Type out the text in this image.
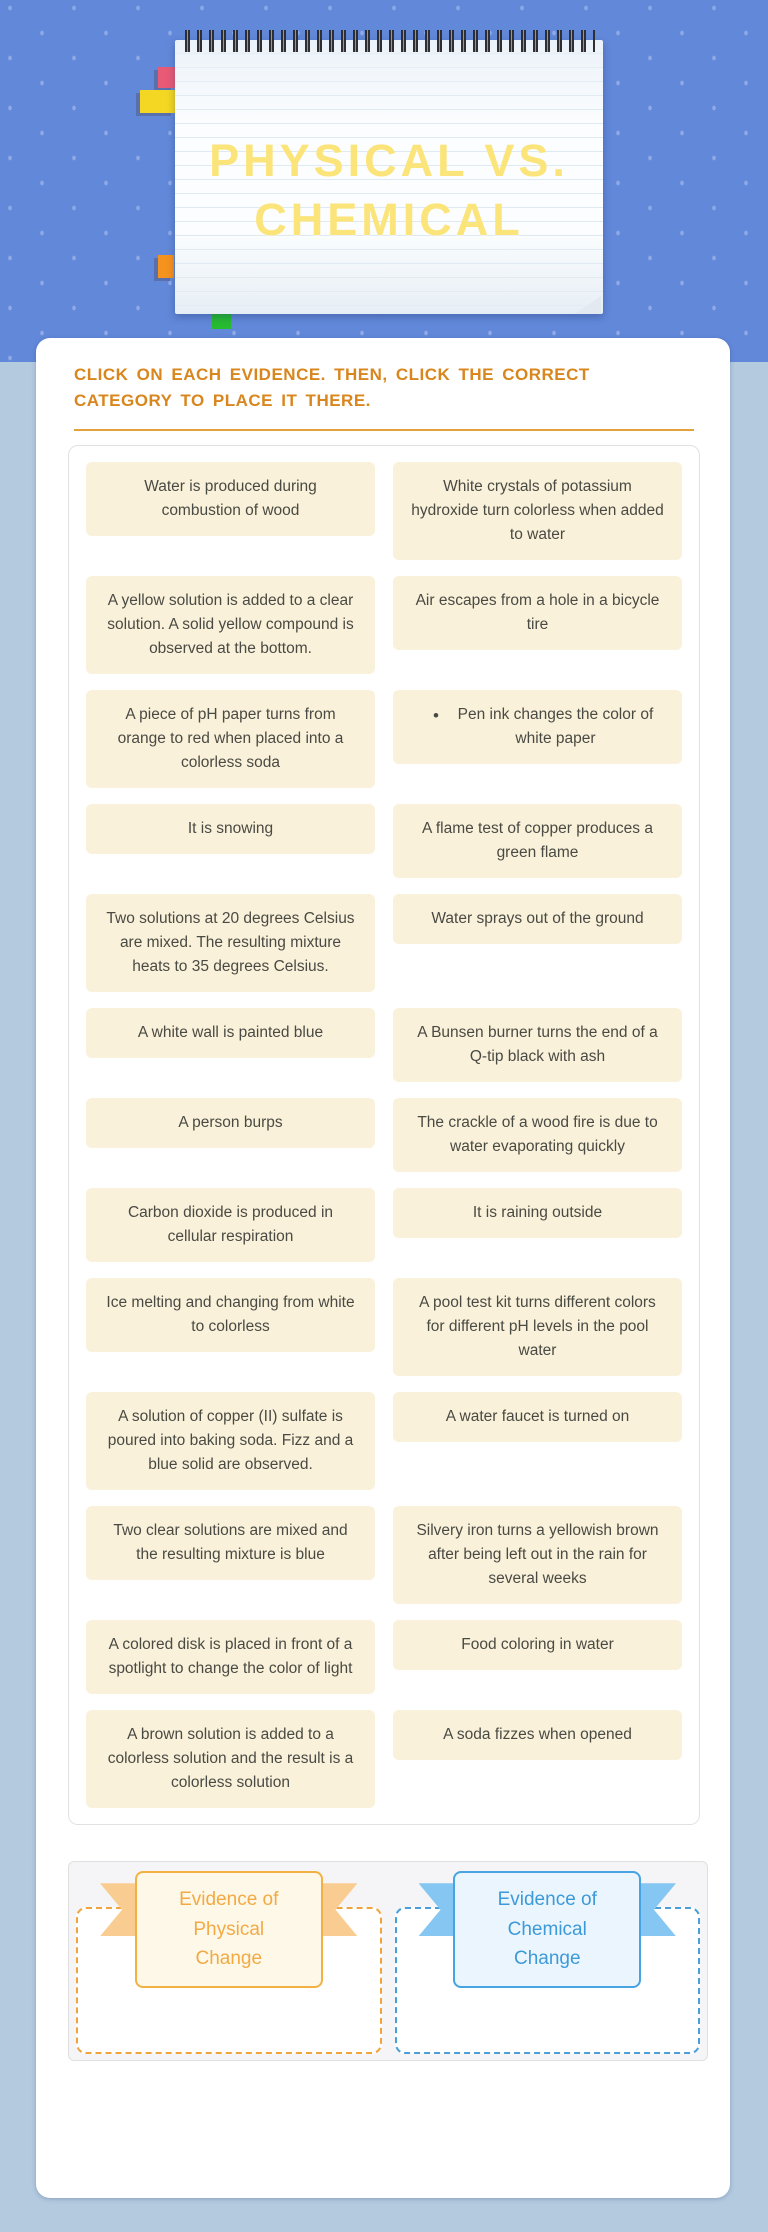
PHYSICAL VS.
CHEMICAL
CLICK ON EACH EVIDENCE. THEN, CLICK THE CORRECT CATEGORY TO PLACE IT THERE.
Water is produced during combustion of wood
White crystals of potassium hydroxide turn colorless when added to water
A yellow solution is added to a clear solution. A solid yellow compound is observed at the bottom.
Air escapes from a hole in a bicycle tire
A piece of pH paper turns from orange to red when placed into a colorless soda
•	Pen ink changes the color of white paper
It is snowing	A flame test of copper produces a green flame
Two solutions at 20 degrees Celsius are mixed. The resulting mixture heats to 35 degrees Celsius.
Water sprays out of the ground
A white wall is painted blue	A Bunsen burner turns the end of a Q-tip black with ash
A person burps	The crackle of a wood fire is due to water evaporating quickly
Carbon dioxide is produced in cellular respiration
It is raining outside
Ice melting and changing from white to colorless
A pool test kit turns different colors for different pH levels in the pool water
A solution of copper (II) sulfate is poured into baking soda. Fizz and a blue solid are observed.
A water faucet is turned on
Two clear solutions are mixed and the resulting mixture is blue
Silvery iron turns a yellowish brown after being left out in the rain for several weeks
A colored disk is placed in front of a spotlight to change the color of light
Food coloring in water
A brown solution is added to a colorless solution and the result is a colorless solution
A soda fizzes when opened
Evidence of
Physical
Change
Evidence of
Chemical
Change
